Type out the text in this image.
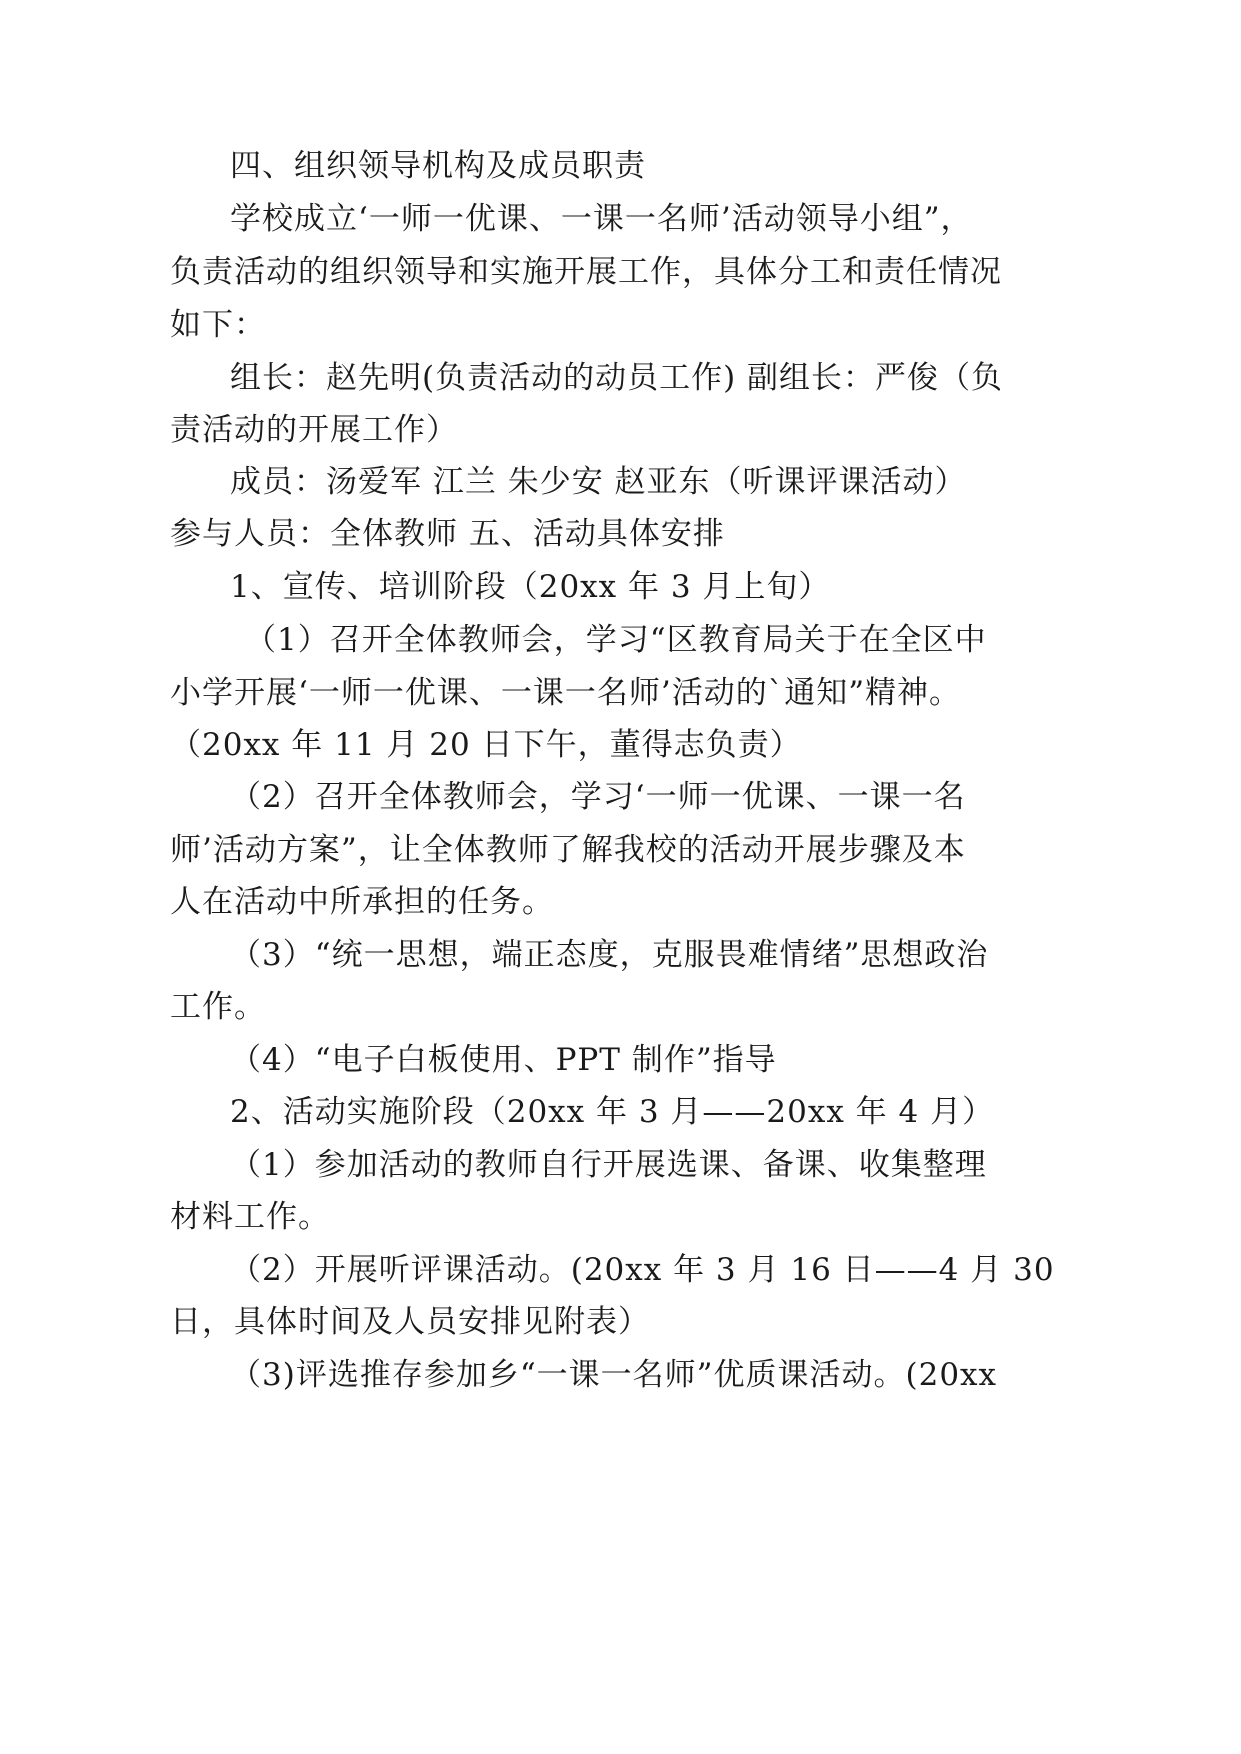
四、组织领导机构及成员职责
学校成立‘一师一优课、一课一名师’活动领导小组”，
负责活动的组织领导和实施开展工作，具体分工和责任情况
如下：
组长：赵先明(负责活动的动员工作) 副组长：严俊（负
责活动的开展工作）
成员：汤爱军 江兰 朱少安 赵亚东（听课评课活动）
参与人员：全体教师 五、活动具体安排
1、宣传、培训阶段（20xx 年 3 月上旬）
（1）召开全体教师会，学习“区教育局关于在全区中
小学开展‘一师一优课、一课一名师’活动的`通知”精神。
（20xx 年 11 月 20 日下午，董得志负责）
（2）召开全体教师会，学习‘一师一优课、一课一名
师’活动方案”，让全体教师了解我校的活动开展步骤及本
人在活动中所承担的任务。
（3）“统一思想，端正态度，克服畏难情绪”思想政治
工作。
（4）“电子白板使用、PPT 制作”指导
2、活动实施阶段（20xx 年 3 月——20xx 年 4 月）
（1）参加活动的教师自行开展选课、备课、收集整理
材料工作。
（2）开展听评课活动。(20xx 年 3 月 16 日——4 月 30
日，具体时间及人员安排见附表）
（3)评选推存参加乡“一课一名师”优质课活动。(20xx
